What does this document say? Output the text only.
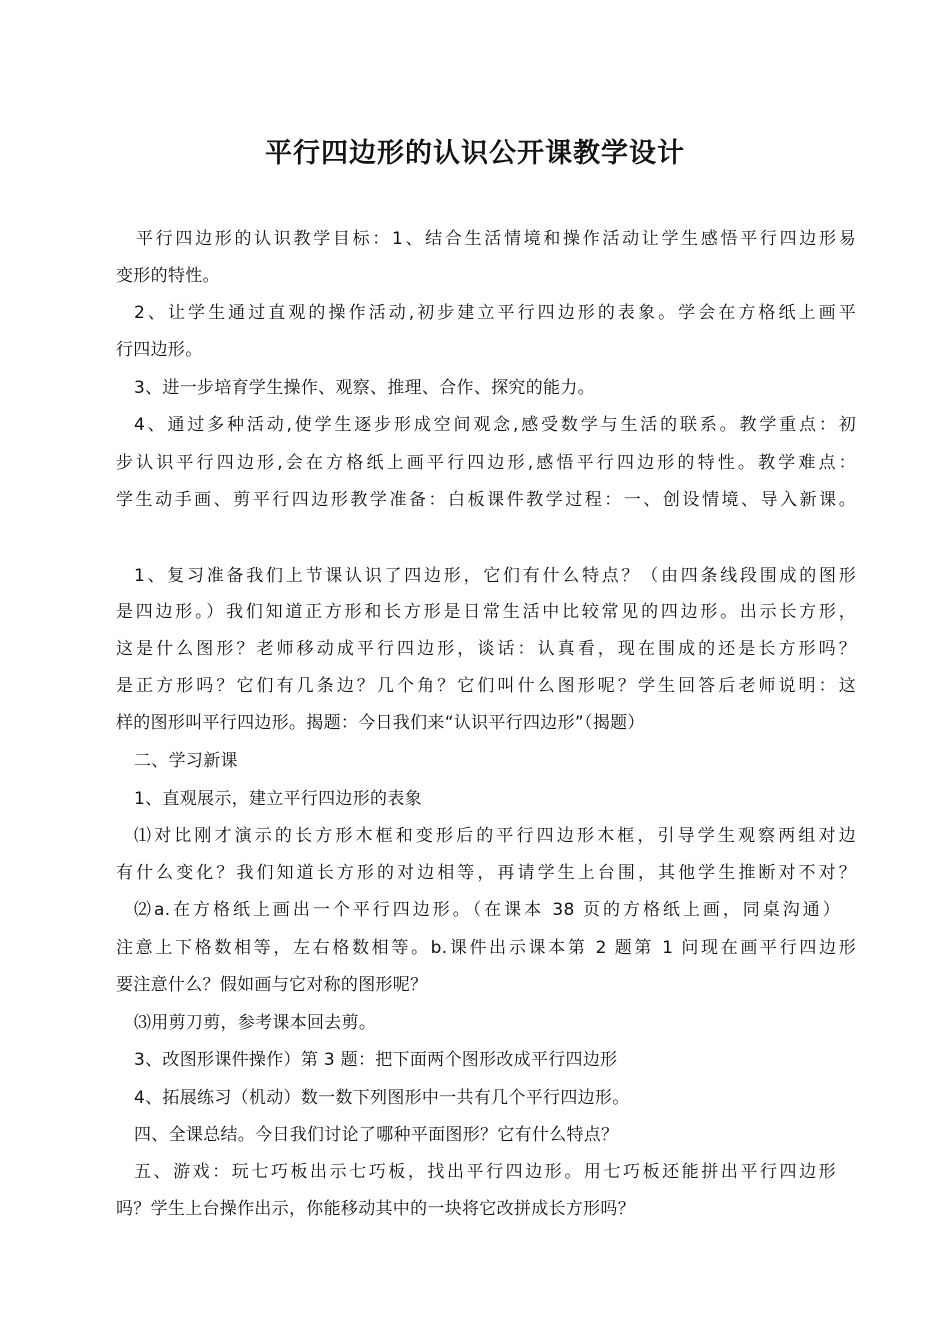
平行四边形的认识公开课教学设计
平行四边形的认识教学目标：1、结合生活情境和操作活动让学生感悟平行四边形易
变形的特性。
2、让学生通过直观的操作活动,初步建立平行四边形的表象。学会在方格纸上画平
行四边形。
3、进一步培育学生操作、观察、推理、合作、探究的能力。
4、通过多种活动,使学生逐步形成空间观念,感受数学与生活的联系。教学重点：初
步认识平行四边形,会在方格纸上画平行四边形,感悟平行四边形的特性。教学难点：
学生动手画、剪平行四边形教学准备：白板课件教学过程：一、创设情境、导入新课。
1、复习准备我们上节课认识了四边形，它们有什么特点？（由四条线段围成的图形
是四边形。）我们知道正方形和长方形是日常生活中比较常见的四边形。出示长方形，
这是什么图形？老师移动成平行四边形，谈话：认真看，现在围成的还是长方形吗？
是正方形吗？它们有几条边？几个角？它们叫什么图形呢？学生回答后老师说明：这
样的图形叫平行四边形。揭题：今日我们来“认识平行四边形”（揭题）
二、学习新课
1、直观展示，建立平行四边形的表象
⑴对比刚才演示的长方形木框和变形后的平行四边形木框，引导学生观察两组对边
有什么变化？我们知道长方形的对边相等，再请学生上台围，其他学生推断对不对？
⑵a.在方格纸上画出一个平行四边形。（在课本 38 页的方格纸上画，同桌沟通）
注意上下格数相等，左右格数相等。b.课件出示课本第 2 题第 1 问现在画平行四边形
要注意什么？假如画与它对称的图形呢？
⑶用剪刀剪，参考课本回去剪。
3、改图形课件操作）第 3 题：把下面两个图形改成平行四边形
4、拓展练习（机动）数一数下列图形中一共有几个平行四边形。
四、全课总结。今日我们讨论了哪种平面图形？它有什么特点？
五、游戏：玩七巧板出示七巧板，找出平行四边形。用七巧板还能拼出平行四边形
吗？学生上台操作出示，你能移动其中的一块将它改拼成长方形吗？
